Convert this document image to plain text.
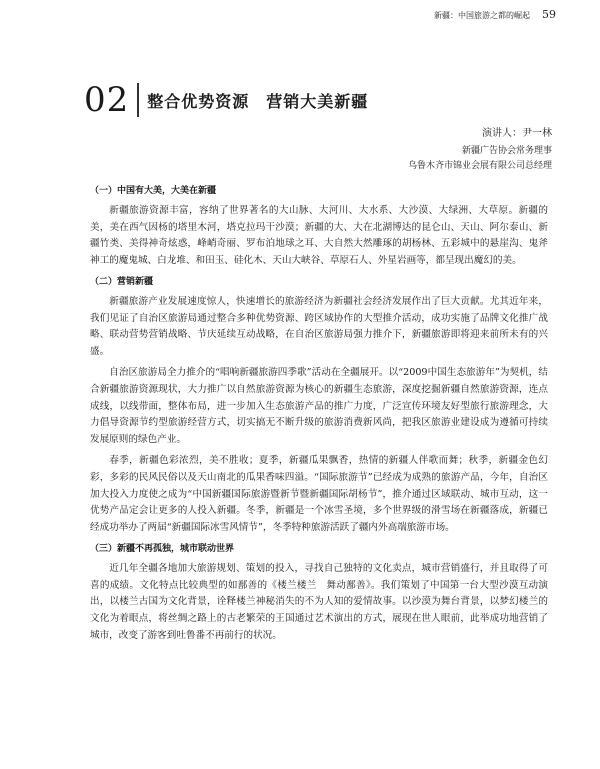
新疆：中国旅游之都的崛起 59
02 整合优势资源　营销大美新疆
演讲人：尹一林
新疆广告协会常务理事
乌鲁木齐市锦业会展有限公司总经理
（一）中国有大美，大美在新疆

新疆旅游资源丰富，容纳了世界著名的大山脉、大河川、大水系、大沙漠、大绿洲、大草原。新疆的美，美在西气因杨的塔里木河，塔克拉玛干沙漠；新疆的大、大在北湖博达的昆仑山、天山、阿尔泰山、新疆竹类、美得神奇炫惑，峰峭奇丽、罗布泊地球之耳、大自然大然雕琢的胡杨林、五彩城中的悬崖沟、鬼斧神工的魔鬼城、白龙堆、和田玉、硅化木、天山大峡谷、草原石人、外星岩画等，都呈现出魔幻的美。

（二）营销新疆

新疆旅游产业发展速度惊人，快速增长的旅游经济为新疆社会经济发展作出了巨大贡献。尤其近年来，我们见证了自治区旅游局通过整合多种优势资源、跨区域协作的大型推介活动，成功实施了品牌文化推广战略、联动营势营销战略、节庆延续互动战略，在自治区旅游局强力推介下，新疆旅游即将迎来前所未有的兴盛。

自治区旅游局全力推介的“唱响新疆旅游四季歌”活动在全疆展开。以“2009中国生态旅游年”为契机，结合新疆旅游资源现状，大力推广以自然旅游资源为核心的新疆生态旅游，深度挖掘新疆自然旅游资源，连点成线，以线带面，整体布局，进一步加入生态旅游产品的推广力度，广泛宣传环境友好型旅行旅游理念，大力倡导资源节约型旅游经营方式，切实搞无不断升级的旅游消费新风尚，把我区旅游业建设成为遵循可持续发展原则的绿色产业。

春季，新疆色彩浓烈，美不胜收；夏季，新疆瓜果飘香，热情的新疆人伴歌而舞；秋季，新疆金色幻彩，多彩的民风民俗以及天山南北的瓜果香味四溢。“国际旅游节”已经成为成熟的旅游产品，今年，自治区加大投入力度使之成为“中国新疆国际旅游暨新节暨新疆国际胡杨节”，推介通过区域联动、城市互动，这一优势产品定会让更多的人投入新疆。冬季，新疆是一个冰雪圣境，多个世界级的滑雪场在新疆落成，新疆已经成功举办了两届“新疆国际冰雪风情节”，冬季特种旅游活跃了疆内外高端旅游市场。

（三）新疆不再孤独，城市联动世界

近几年全疆各地加大旅游规划、策划的投入，寻找自己独特的文化卖点，城市营销盛行，并且取得了可喜的成绩。文化特点比较典型的如鄯善的《楼兰楼兰　舞动鄯善》。我们策划了中国第一台大型沙漠互动演出，以楼兰古国为文化背景，诠释楼兰神秘消失的不为人知的爱情故事。以沙漠为舞台背景，以梦幻楼兰的文化为着眼点，将丝绸之路上的古老繁荣的王国通过艺术演出的方式，展现在世人眼前，此举成功地营销了城市，改变了游客到吐鲁番不再前行的状况。
